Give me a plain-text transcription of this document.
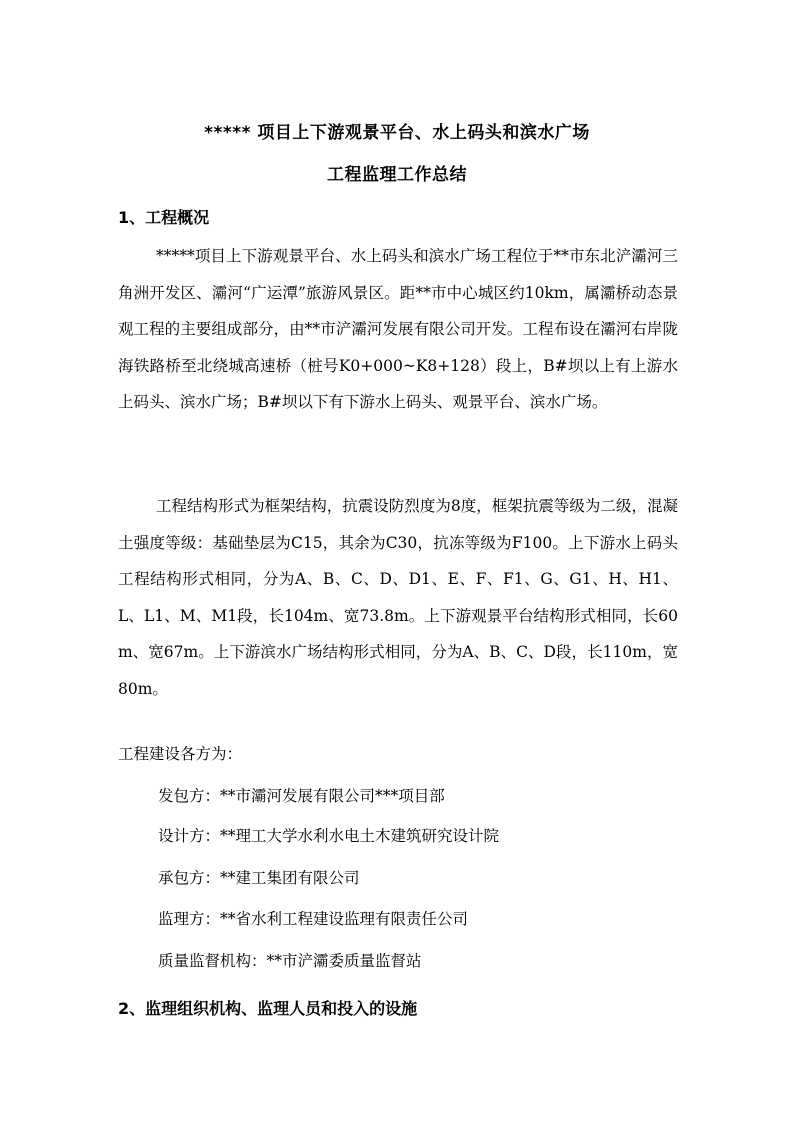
***** 项目上下游观景平台、水上码头和滨水广场
工程监理工作总结
1、工程概况
*****项目上下游观景平台、水上码头和滨水广场工程位于**市东北浐灞河三角洲开发区、灞河“广运潭”旅游风景区。距**市中心城区约10km，属灞桥动态景观工程的主要组成部分，由**市浐灞河发展有限公司开发。工程布设在灞河右岸陇海铁路桥至北绕城高速桥（桩号K0+000~K8+128）段上，B#坝以上有上游水上码头、滨水广场；B#坝以下有下游水上码头、观景平台、滨水广场。
工程结构形式为框架结构，抗震设防烈度为8度，框架抗震等级为二级，混凝土强度等级：基础垫层为C15，其余为C30，抗冻等级为F100。上下游水上码头工程结构形式相同，分为A、B、C、D、D1、E、F、F1、G、G1、H、H1、L、L1、M、M1段，长104m、宽73.8m。上下游观景平台结构形式相同，长60m、宽67m。上下游滨水广场结构形式相同，分为A、B、C、D段，长110m，宽80m。
工程建设各方为：
发包方：**市灞河发展有限公司***项目部
设计方：**理工大学水利水电土木建筑研究设计院
承包方：**建工集团有限公司
监理方：**省水利工程建设监理有限责任公司
质量监督机构：**市浐灞委质量监督站
2、监理组织机构、监理人员和投入的设施
